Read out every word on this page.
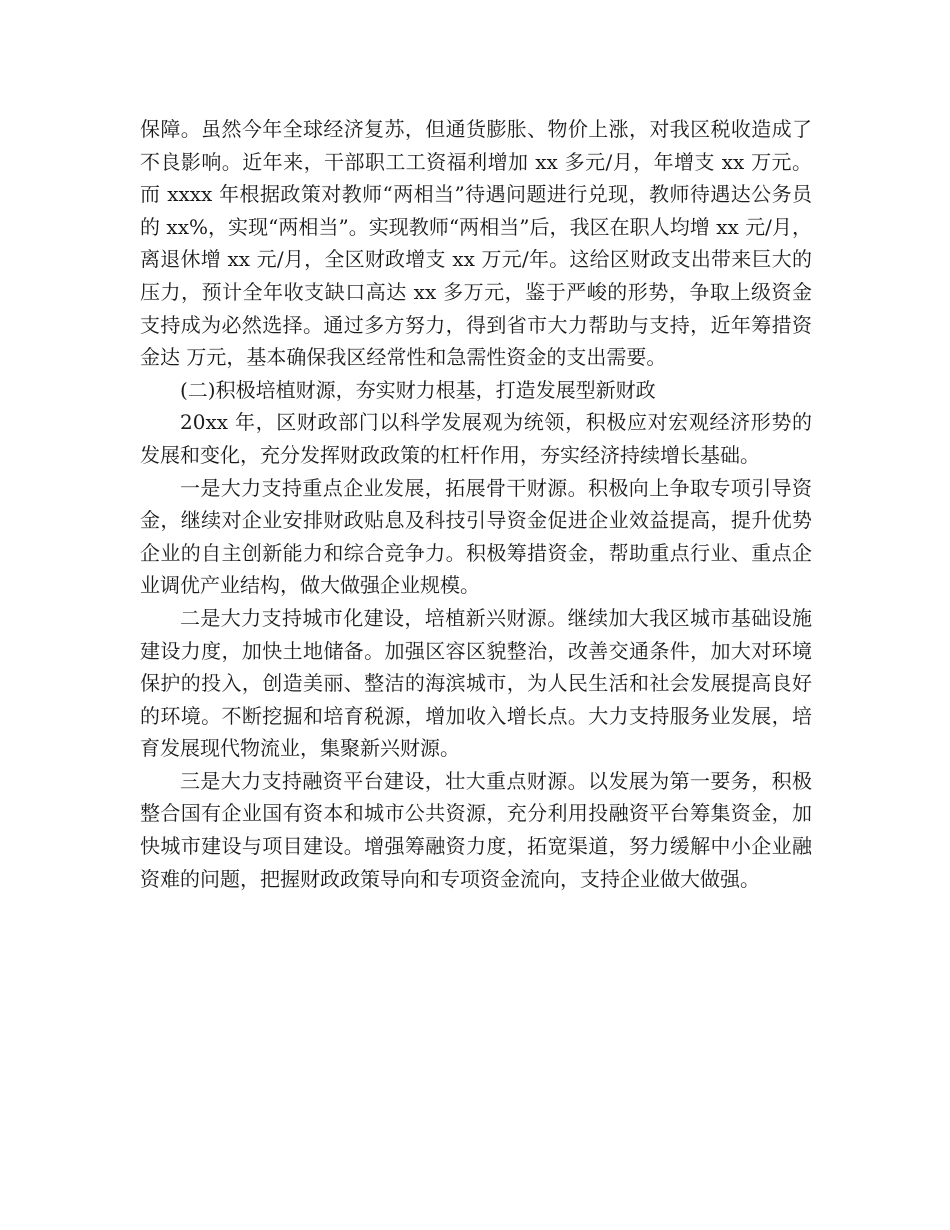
保障。虽然今年全球经济复苏，但通货膨胀、物价上涨，对我区税收造成了不良影响。近年来，干部职工工资福利增加 xx 多元/月，年增支 xx 万元。而 xxxx 年根据政策对教师“两相当”待遇问题进行兑现，教师待遇达公务员的 xx%，实现“两相当”。实现教师“两相当”后，我区在职人均增 xx 元/月，离退休增 xx 元/月，全区财政增支 xx 万元/年。这给区财政支出带来巨大的压力，预计全年收支缺口高达 xx 多万元，鉴于严峻的形势，争取上级资金支持成为必然选择。通过多方努力，得到省市大力帮助与支持，近年筹措资金达 万元，基本确保我区经常性和急需性资金的支出需要。

(二)积极培植财源，夯实财力根基，打造发展型新财政

20xx 年，区财政部门以科学发展观为统领，积极应对宏观经济形势的发展和变化，充分发挥财政政策的杠杆作用，夯实经济持续增长基础。

一是大力支持重点企业发展，拓展骨干财源。积极向上争取专项引导资金，继续对企业安排财政贴息及科技引导资金促进企业效益提高，提升优势企业的自主创新能力和综合竞争力。积极筹措资金，帮助重点行业、重点企业调优产业结构，做大做强企业规模。

二是大力支持城市化建设，培植新兴财源。继续加大我区城市基础设施建设力度，加快土地储备。加强区容区貌整治，改善交通条件，加大对环境保护的投入，创造美丽、整洁的海滨城市，为人民生活和社会发展提高良好的环境。不断挖掘和培育税源，增加收入增长点。大力支持服务业发展，培育发展现代物流业，集聚新兴财源。

三是大力支持融资平台建设，壮大重点财源。以发展为第一要务，积极整合国有企业国有资本和城市公共资源，充分利用投融资平台筹集资金，加快城市建设与项目建设。增强筹融资力度，拓宽渠道，努力缓解中小企业融资难的问题，把握财政政策导向和专项资金流向，支持企业做大做强。
